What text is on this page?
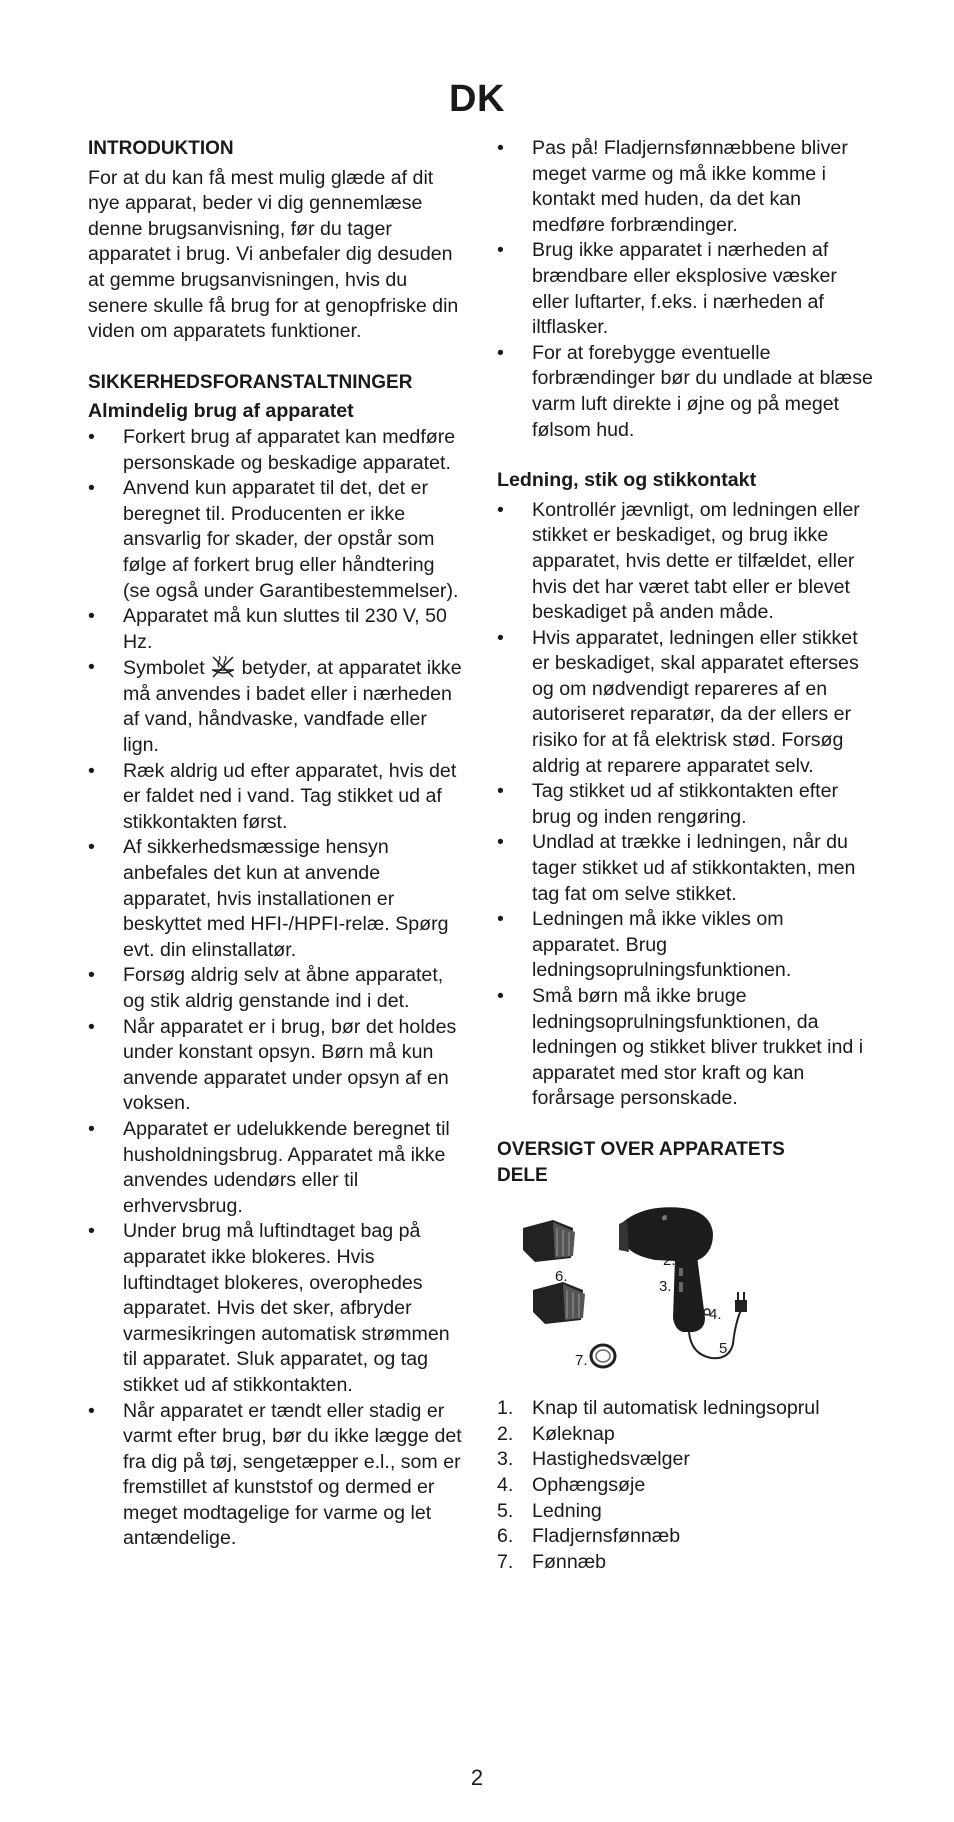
DK
INTRODUKTION

For at du kan få mest mulig glæde af dit nye apparat, beder vi dig gennemlæse denne brugsanvisning, før du tager apparatet i brug. Vi anbefaler dig desuden at gemme brugsanvisningen, hvis du senere skulle få brug for at genopfriske din viden om apparatets funktioner.

SIKKERHEDSFORANSTALTNINGER
Almindelig brug af apparatet
• Forkert brug af apparatet kan medføre personskade og beskadige apparatet.
• Anvend kun apparatet til det, det er beregnet til. Producenten er ikke ansvarlig for skader, der opstår som følge af forkert brug eller håndtering (se også under Garantibestemmelser).
• Apparatet må kun sluttes til 230 V, 50 Hz.
• Symbolet  betyder, at apparatet ikke må anvendes i badet eller i nærheden af vand, håndvaske, vandfade eller lign.
• Ræk aldrig ud efter apparatet, hvis det er faldet ned i vand. Tag stikket ud af stikkontakten først.
• Af sikkerhedsmæssige hensyn anbefales det kun at anvende apparatet, hvis installationen er beskyttet med HFI-/HPFI-relæ. Spørg evt. din elinstallatør.
• Forsøg aldrig selv at åbne apparatet, og stik aldrig genstande ind i det.
• Når apparatet er i brug, bør det holdes under konstant opsyn. Børn må kun anvende apparatet under opsyn af en voksen.
• Apparatet er udelukkende beregnet til husholdningsbrug. Apparatet må ikke anvendes udendørs eller til erhvervsbrug.
• Under brug må luftindtaget bag på apparatet ikke blokeres. Hvis luftindtaget blokeres, overophedes apparatet. Hvis det sker, afbryder varmesikringen automatisk strømmen til apparatet. Sluk apparatet, og tag stikket ud af stikkontakten.
• Når apparatet er tændt eller stadig er varmt efter brug, bør du ikke lægge det fra dig på tøj, sengetæpper e.l., som er fremstillet af kunststof og dermed er meget modtagelige for varme og let antændelige.
• Pas på! Fladjernsfønnæbbene bliver meget varme og må ikke komme i kontakt med huden, da det kan medføre forbrændinger.
• Brug ikke apparatet i nærheden af brændbare eller eksplosive væsker eller luftarter, f.eks. i nærheden af iltflasker.
• For at forebygge eventuelle forbrændinger bør du undlade at blæse varm luft direkte i øjne og på meget følsom hud.
Ledning, stik og stikkontakt
• Kontrollér jævnligt, om ledningen eller stikket er beskadiget, og brug ikke apparatet, hvis dette er tilfældet, eller hvis det har været tabt eller er blevet beskadiget på anden måde.
• Hvis apparatet, ledningen eller stikket er beskadiget, skal apparatet efterses og om nødvendigt repareres af en autoriseret reparatør, da der ellers er risiko for at få elektrisk stød. Forsøg aldrig at reparere apparatet selv.
• Tag stikket ud af stikkontakten efter brug og inden rengøring.
• Undlad at trække i ledningen, når du tager stikket ud af stikkontakten, men tag fat om selve stikket.
• Ledningen må ikke vikles om apparatet. Brug ledningsoprulningsfunktionen.
• Små børn må ikke bruge ledningsoprulningsfunktionen, da ledningen og stikket bliver trukket ind i apparatet med stor kraft og kan forårsage personskade.
OVERSIGT OVER APPARATETS DELE
1.
2.
3.
4.
5.
6.
7.
1. Knap til automatisk ledningsoprul
2. Køleknap
3. Hastighedsvælger
4. Ophængsøje
5. Ledning
6. Fladjernsfønnæb
7. Fønnæb
2
